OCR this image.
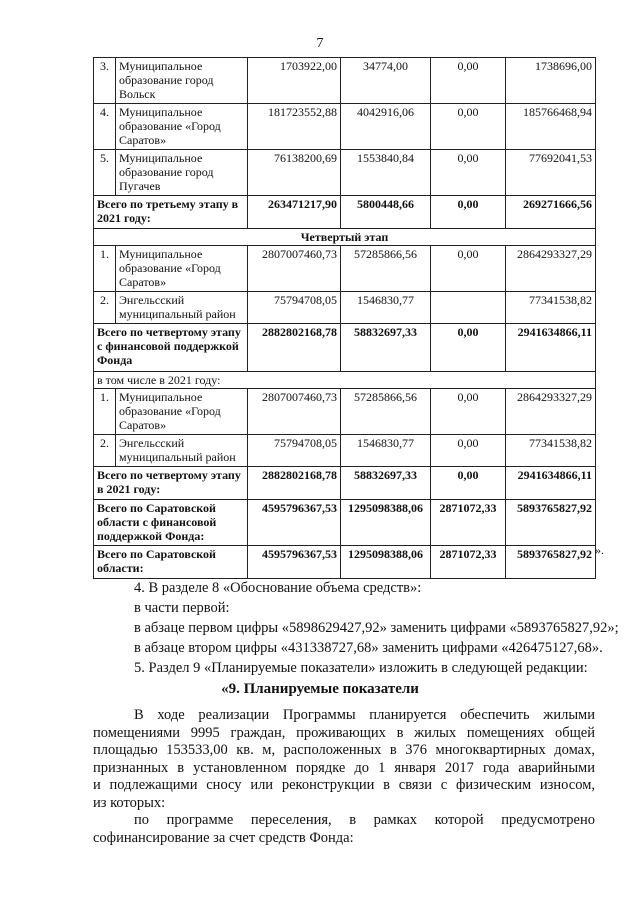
7
3.	Муниципальное образование город Вольск	1703922,00	34774,00	0,00	1738696,00
4.	Муниципальное образование «Город Саратов»	181723552,88	4042916,06	0,00	185766468,94
5.	Муниципальное образование город Пугачев	76138200,69	1553840,84	0,00	77692041,53
Всего по третьему этапу в 2021 году:		263471217,90	5800448,66	0,00	269271666,56
Четвертый этап					
1.	Муниципальное образование «Город Саратов»	2807007460,73	57285866,56	0,00	2864293327,29
2.	Энгельсский муниципальный район	75794708,05	1546830,77		77341538,82
Всего по четвертому этапу с финансовой поддержкой Фонда		2882802168,78	58832697,33	0,00	2941634866,11
в том числе в 2021 году:					
1.	Муниципальное образование «Город Саратов»	2807007460,73	57285866,56	0,00	2864293327,29
2.	Энгельсский муниципальный район	75794708,05	1546830,77	0,00	77341538,82
Всего по четвертому этапу в 2021 году:		2882802168,78	58832697,33	0,00	2941634866,11
Всего по Саратовской области с финансовой поддержкой Фонда:		4595796367,53	1295098388,06	2871072,33	5893765827,92
Всего по Саратовской области:		4595796367,53	1295098388,06	2871072,33	5893765827,92 ».
4. В разделе 8 «Обоснование объема средств»:
в части первой:
в абзаце первом цифры «5898629427,92» заменить цифрами «5893765827,92»;
в абзаце втором цифры «431338727,68» заменить цифрами «426475127,68».
5. Раздел 9 «Планируемые показатели» изложить в следующей редакции:
«9. Планируемые показатели
В ходе реализации Программы планируется обеспечить жилыми
помещениями 9995 граждан, проживающих в жилых помещениях общей
площадью 153533,00 кв. м, расположенных в 376 многоквартирных домах,
признанных в установленном порядке до 1 января 2017 года аварийными
и подлежащими сносу или реконструкции в связи с физическим износом,
из которых:
по программе переселения, в рамках которой предусмотрено
софинансирование за счет средств Фонда:
